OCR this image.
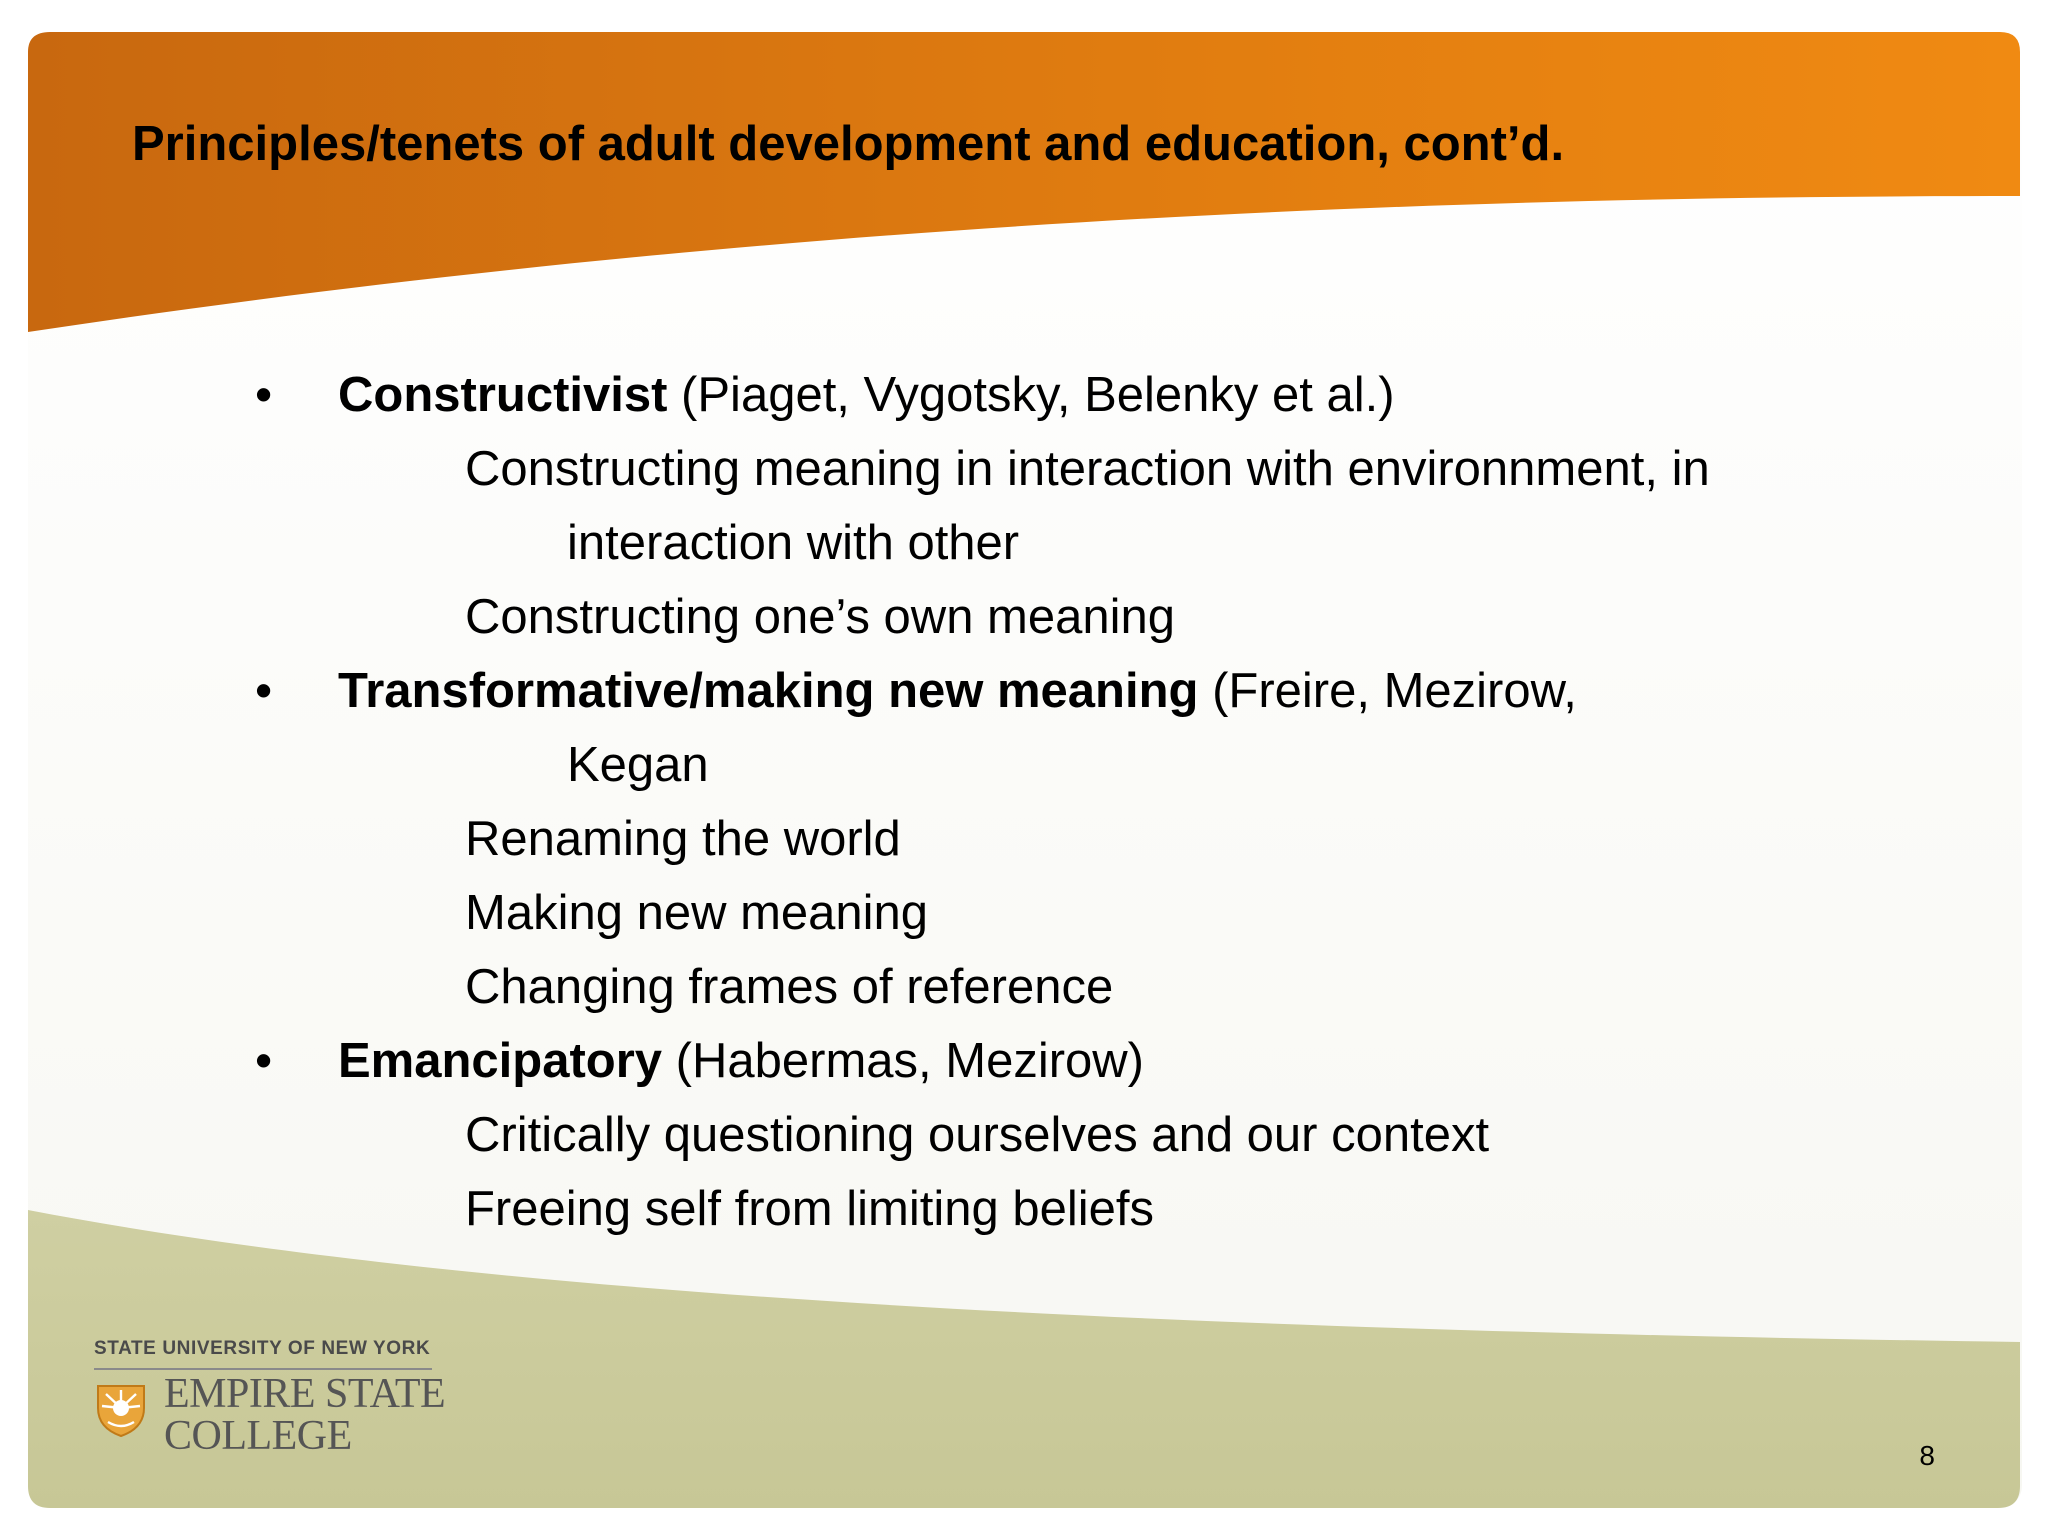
Principles/tenets of adult development and education, cont’d.
• Constructivist (Piaget, Vygotsky, Belenky et al.)
Constructing meaning in interaction with environnment, in
interaction with other
Constructing one’s own meaning
• Transformative/making new meaning (Freire, Mezirow,
Kegan
Renaming the world
Making new meaning
Changing frames of reference
• Emancipatory (Habermas, Mezirow)
Critically questioning ourselves and our context
Freeing self from limiting beliefs
STATE UNIVERSITY OF NEW YORK
EMPIRE STATE
COLLEGE	8
